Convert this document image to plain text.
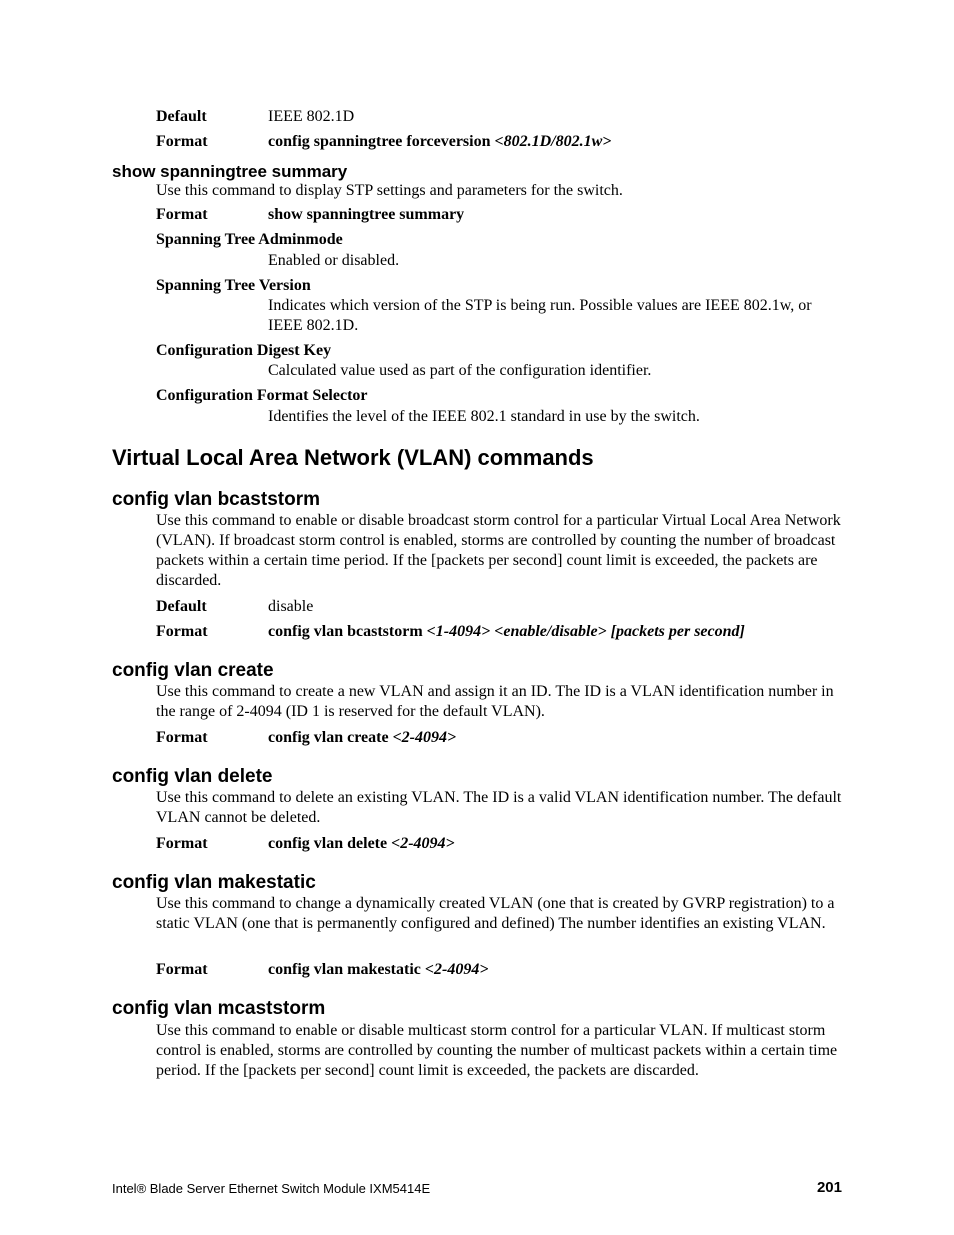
Default	IEEE 802.1D
Format	config spanningtree forceversion <802.1D/802.1w>
show spanningtree summary
Use this command to display STP settings and parameters for the switch.
Format	show spanningtree summary
Spanning Tree Adminmode
Enabled or disabled.
Spanning Tree Version
Indicates which version of the STP is being run. Possible values are IEEE 802.1w, or IEEE 802.1D.
Configuration Digest Key
Calculated value used as part of the configuration identifier.
Configuration Format Selector
Identifies the level of the IEEE 802.1 standard in use by the switch.
Virtual Local Area Network (VLAN) commands
config vlan bcaststorm
Use this command to enable or disable broadcast storm control for a particular Virtual Local Area Network (VLAN). If broadcast storm control is enabled, storms are controlled by counting the number of broadcast packets within a certain time period. If the [packets per second] count limit is exceeded, the packets are discarded.
Default	disable
Format	config vlan bcaststorm <1-4094> <enable/disable> [packets per second]
config vlan create
Use this command to create a new VLAN and assign it an ID. The ID is a VLAN identification number in the range of 2-4094 (ID 1 is reserved for the default VLAN).
Format	config vlan create <2-4094>
config vlan delete
Use this command to delete an existing VLAN. The ID is a valid VLAN identification number. The default VLAN cannot be deleted.
Format	config vlan delete <2-4094>
config vlan makestatic
Use this command to change a dynamically created VLAN (one that is created by GVRP registration) to a static VLAN (one that is permanently configured and defined) The number identifies an existing VLAN.
Format	config vlan makestatic <2-4094>
config vlan mcaststorm
Use this command to enable or disable multicast storm control for a particular VLAN. If multicast storm control is enabled, storms are controlled by counting the number of multicast packets within a certain time period. If the [packets per second] count limit is exceeded, the packets are discarded.
Intel® Blade Server Ethernet Switch Module IXM5414E	201
